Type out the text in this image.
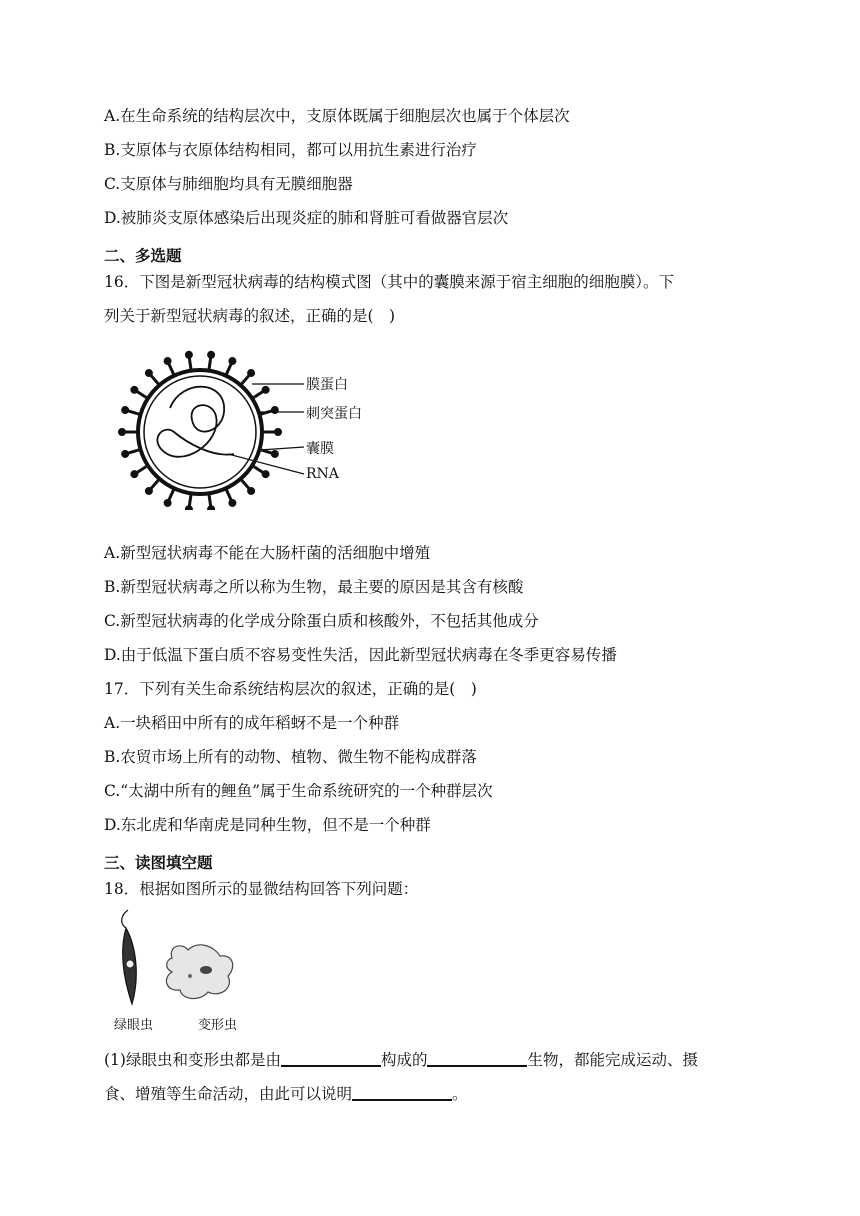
A.在生命系统的结构层次中，支原体既属于细胞层次也属于个体层次
B.支原体与衣原体结构相同，都可以用抗生素进行治疗
C.支原体与肺细胞均具有无膜细胞器
D.被肺炎支原体感染后出现炎症的肺和肾脏可看做器官层次
二、多选题
16．下图是新型冠状病毒的结构模式图（其中的囊膜来源于宿主细胞的细胞膜）。下
列关于新型冠状病毒的叙述，正确的是(　)
膜蛋白
刺突蛋白
囊膜
RNA
A.新型冠状病毒不能在大肠杆菌的活细胞中增殖
B.新型冠状病毒之所以称为生物，最主要的原因是其含有核酸
C.新型冠状病毒的化学成分除蛋白质和核酸外，不包括其他成分
D.由于低温下蛋白质不容易变性失活，因此新型冠状病毒在冬季更容易传播
17．下列有关生命系统结构层次的叙述，正确的是(　)
A.一块稻田中所有的成年稻蚜不是一个种群
B.农贸市场上所有的动物、植物、微生物不能构成群落
C.“太湖中所有的鲤鱼”属于生命系统研究的一个种群层次
D.东北虎和华南虎是同种生物，但不是一个种群
三、读图填空题
18．根据如图所示的显微结构回答下列问题：
绿眼虫	变形虫
(1)绿眼虫和变形虫都是由	构成的	生物，都能完成运动、摄
食、增殖等生命活动，由此可以说明	。
